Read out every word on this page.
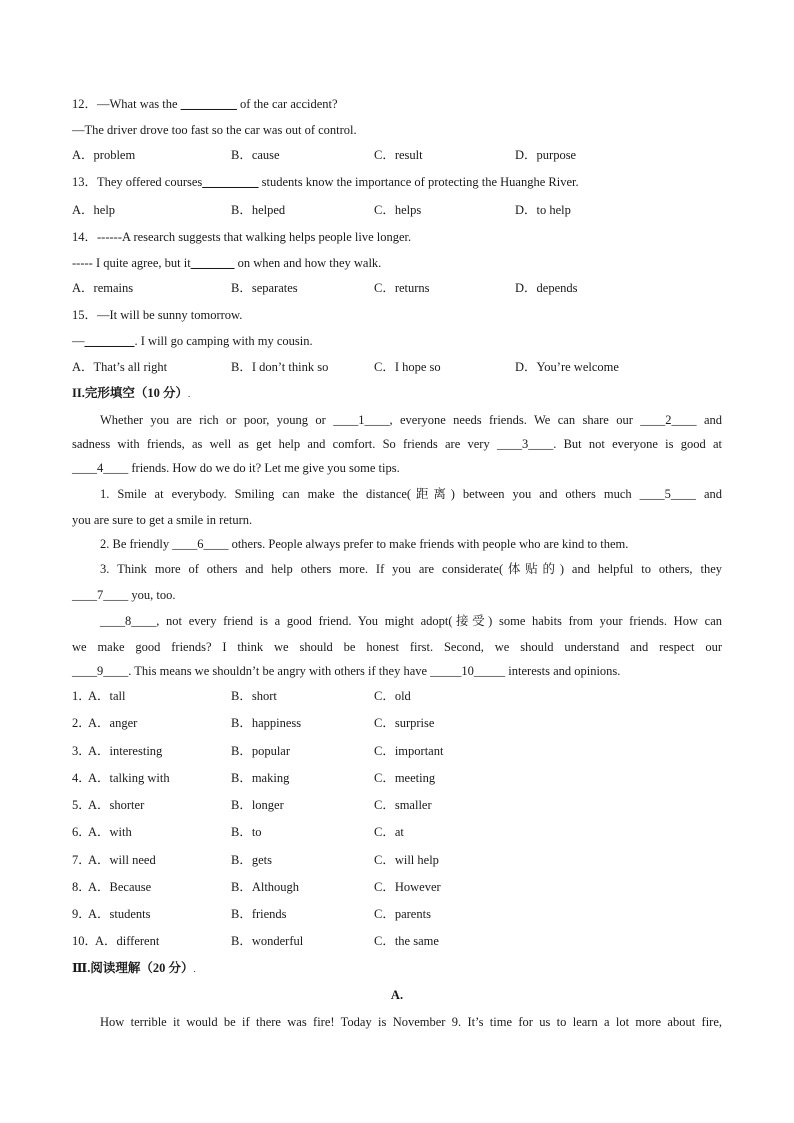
12．—What was the _________ of the car accident?
—The driver drove too fast so the car was out of control.
A．problem	B．cause	C．result	D．purpose
13．They offered courses_________ students know the importance of protecting the Huanghe River.
A．help	B．helped	C．helps	D．to help
14．------A research suggests that walking helps people live longer.
----- I quite agree, but it_______ on when and how they walk.
A．remains	B．separates	C．returns	D．depends
15．—It will be sunny tomorrow.
—________. I will go camping with my cousin.
A．That’s all right	B．I don’t think so	C．I hope so	D．You’re welcome
II.完形填空（10 分）.
Whether you are rich or poor, young or ____1____, everyone needs friends. We can share our ____2____ and
sadness with friends, as well as get help and comfort. So friends are very ____3____. But not everyone is good at
____4____ friends. How do we do it? Let me give you some tips.
1. Smile at everybody. Smiling can make the distance(距离) between you and others much ____5____ and
you are sure to get a smile in return.
2. Be friendly ____6____ others. People always prefer to make friends with people who are kind to them.
3. Think more of others and help others more. If you are considerate(体贴的) and helpful to others, they
____7____ you, too.
____8____, not every friend is a good friend. You might adopt(接受) some habits from your friends. How can
we make good friends? I think we should be honest first. Second, we should understand and respect our
____9____. This means we shouldn’t be angry with others if they have _____10_____ interests and opinions.
1．
A．tall	B．short	C．old
2．
A．anger	B．happiness	C．surprise
3．
A．interesting	B．popular	C．important
4．
A．talking with	B．making	C．meeting
5．
A．shorter	B．longer	C．smaller
6．
A．with	B．to	C．at
7．
A．will need	B．gets	C．will help
8．
A．Because	B．Although	C．However
9．
A．students	B．friends	C．parents
10．
A．different	B．wonderful	C．the same
Ⅲ.阅读理解（20 分）.
A.
How terrible it would be if there was fire! Today is November 9. It’s time for us to learn a lot more about fire,
